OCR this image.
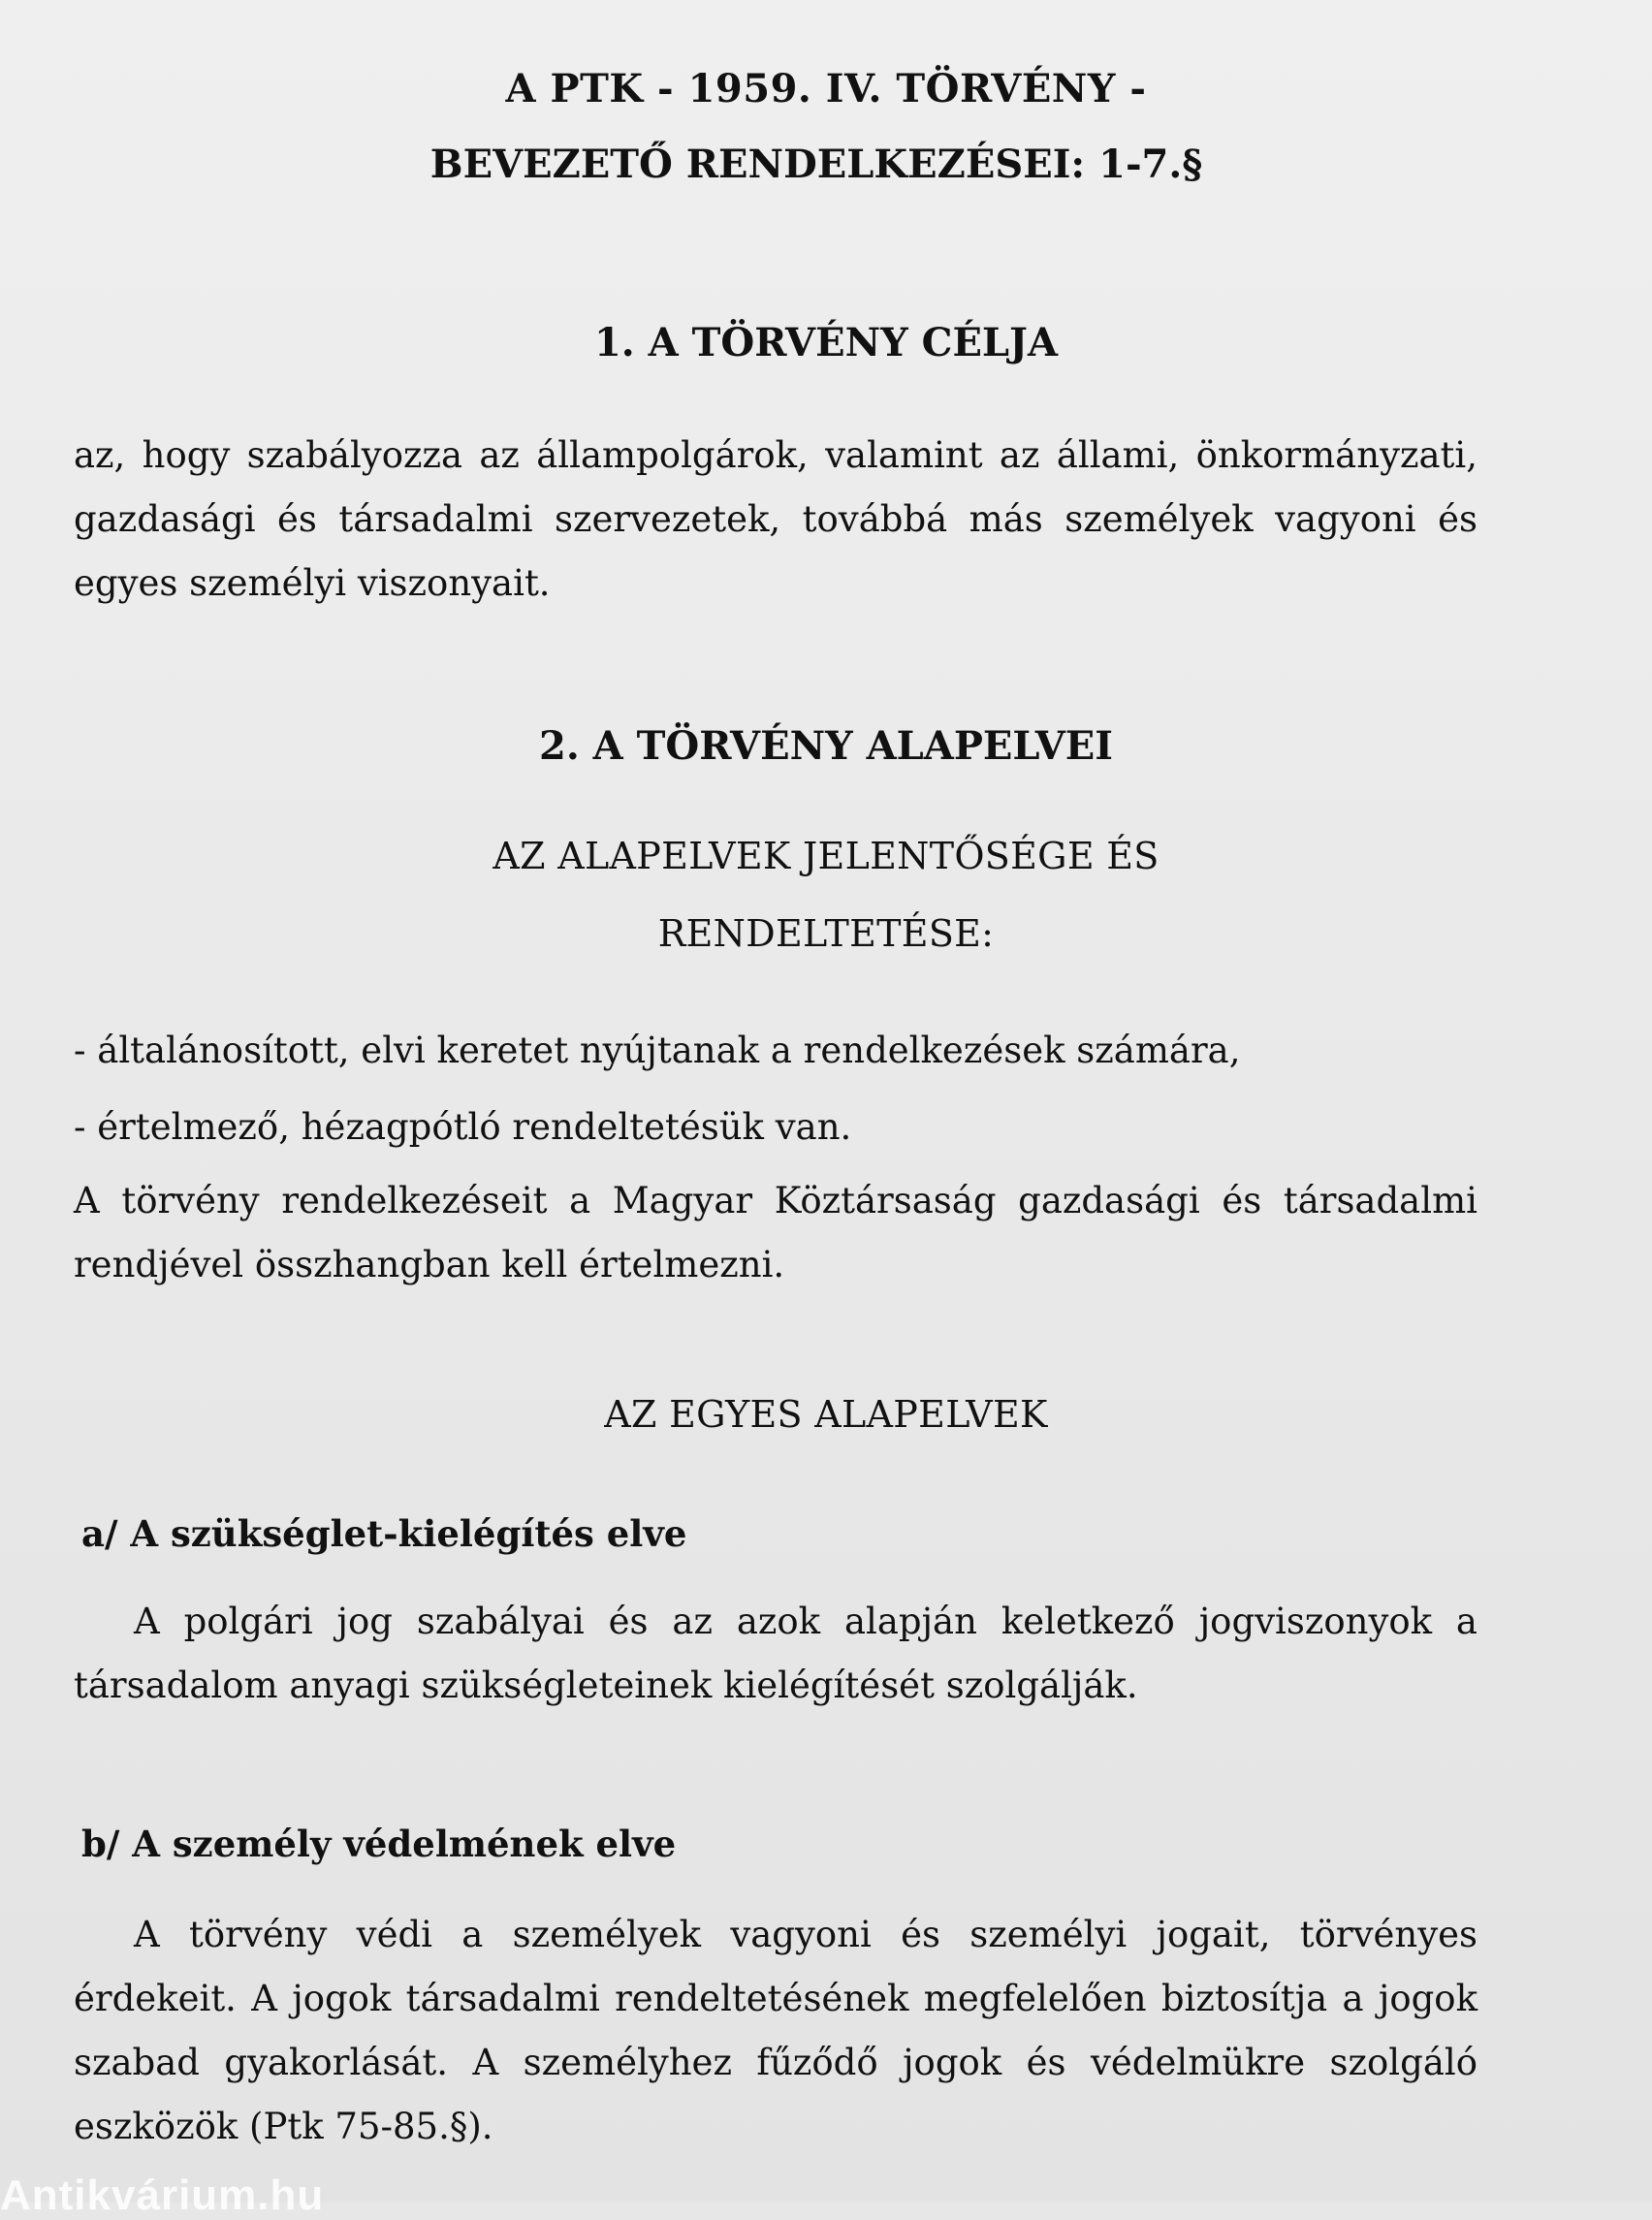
A PTK - 1959. IV. TÖRVÉNY -
BEVEZETŐ RENDELKEZÉSEI: 1-7.§
1. A TÖRVÉNY CÉLJA
az, hogy szabályozza az állampolgárok, valamint az állami, önkormányzati, gazdasági és társadalmi szervezetek, továbbá más személyek vagyoni és egyes személyi viszonyait.
2. A TÖRVÉNY ALAPELVEI
AZ ALAPELVEK JELENTŐSÉGE ÉS
RENDELTETÉSE:
- általánosított, elvi keretet nyújtanak a rendelkezések számára,
- értelmező, hézagpótló rendeltetésük van.
A törvény rendelkezéseit a Magyar Köztársaság gazdasági és társadalmi rendjével összhangban kell értelmezni.
AZ EGYES ALAPELVEK
a/ A szükséglet-kielégítés elve
A polgári jog szabályai és az azok alapján keletkező jogviszonyok a társadalom anyagi szükségleteinek kielégítését szolgálják.
b/ A személy védelmének elve
A törvény védi a személyek vagyoni és személyi jogait, törvényes érdekeit. A jogok társadalmi rendeltetésének megfelelően biztosítja a jogok szabad gyakorlását. A személyhez fűződő jogok és védelmükre szolgáló eszközök (Ptk 75-85.§).
Antikvárium.hu
